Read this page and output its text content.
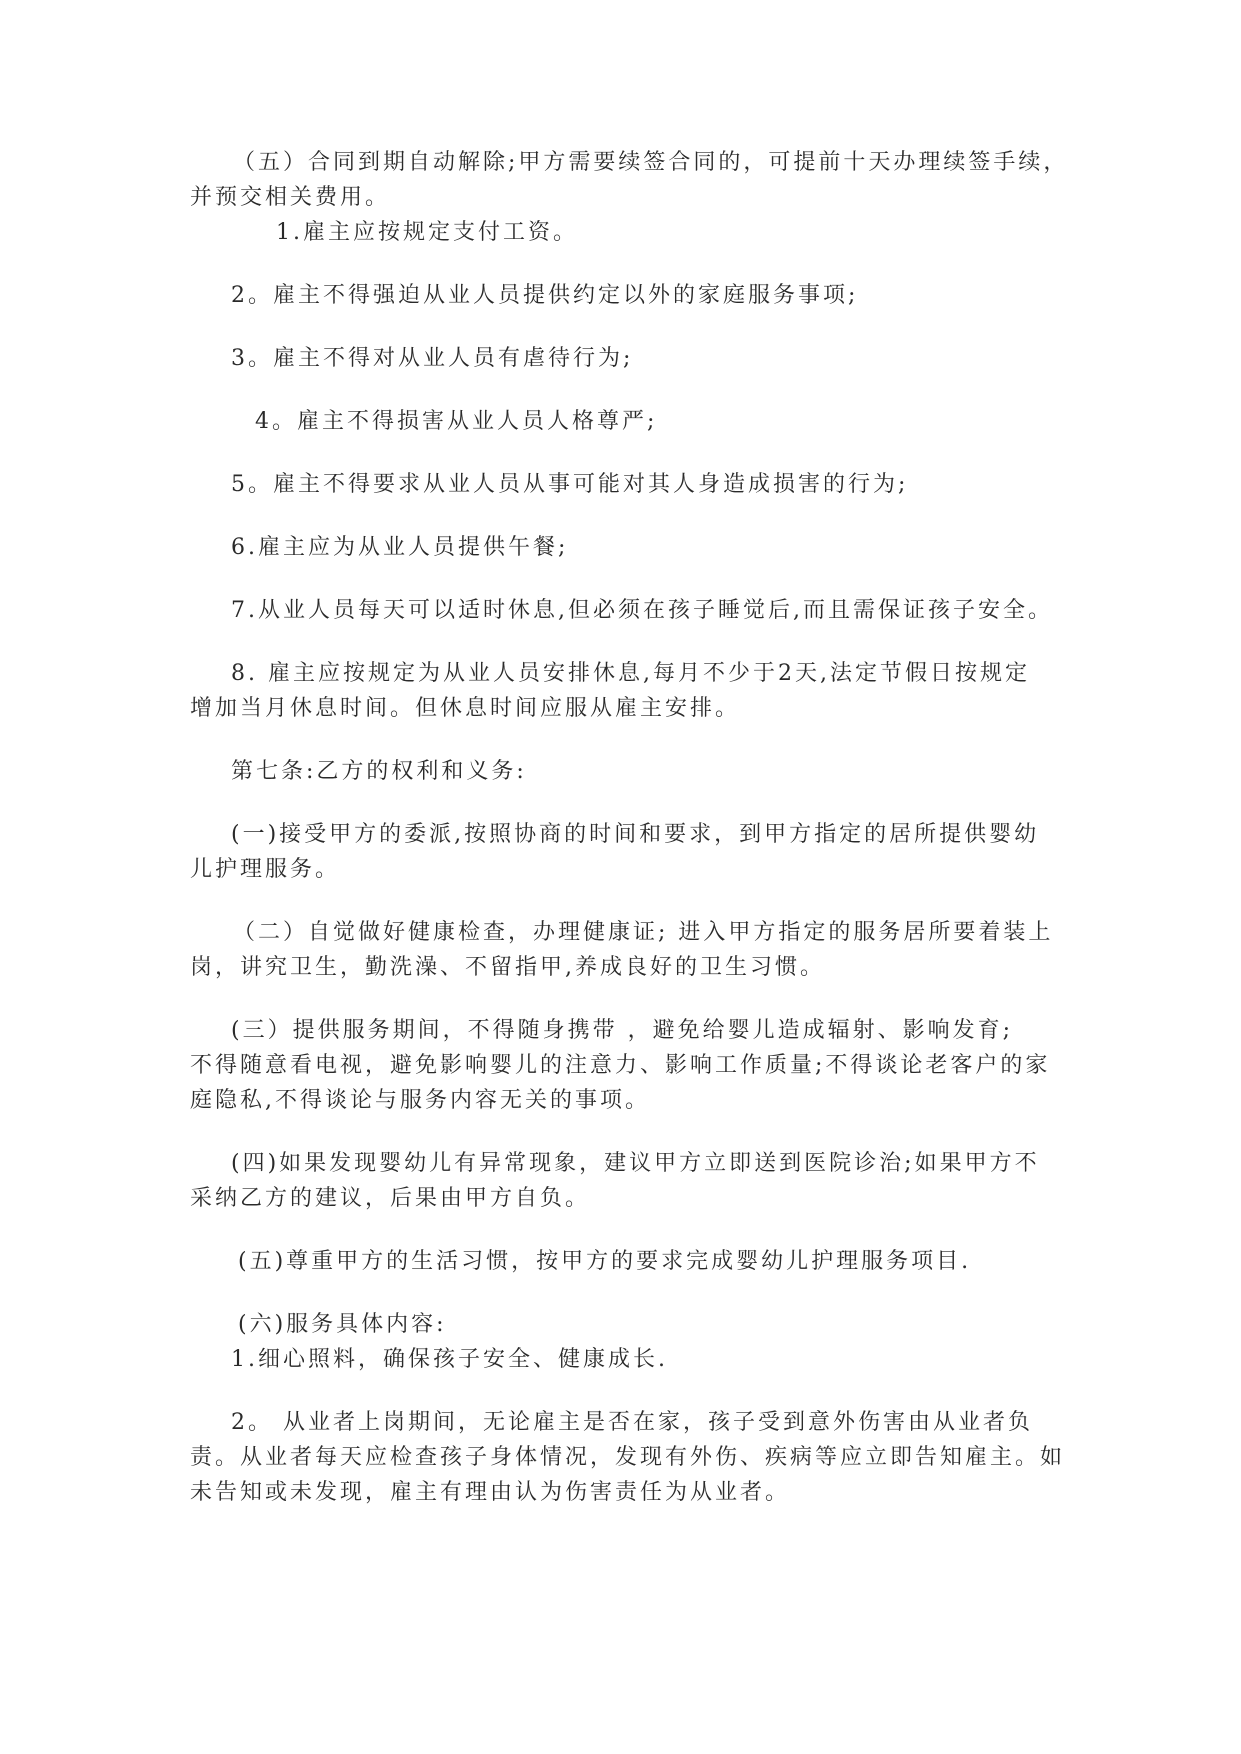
（五）合同到期自动解除;甲方需要续签合同的，可提前十天办理续签手续，
并预交相关费用。
1.雇主应按规定支付工资。
2。雇主不得强迫从业人员提供约定以外的家庭服务事项;
3。雇主不得对从业人员有虐待行为;
4。雇主不得损害从业人员人格尊严;
5。雇主不得要求从业人员从事可能对其人身造成损害的行为;
6.雇主应为从业人员提供午餐;
7.从业人员每天可以适时休息,但必须在孩子睡觉后,而且需保证孩子安全。
8. 雇主应按规定为从业人员安排休息,每月不少于2天,法定节假日按规定
增加当月休息时间。但休息时间应服从雇主安排。
第七条:乙方的权利和义务:
(一)接受甲方的委派,按照协商的时间和要求，到甲方指定的居所提供婴幼
儿护理服务。
（二）自觉做好健康检查，办理健康证; 进入甲方指定的服务居所要着装上
岗，讲究卫生，勤洗澡、不留指甲,养成良好的卫生习惯。
(三）提供服务期间，不得随身携带 ，避免给婴儿造成辐射、影响发育;
不得随意看电视，避免影响婴儿的注意力、影响工作质量;不得谈论老客户的家
庭隐私,不得谈论与服务内容无关的事项。
(四)如果发现婴幼儿有异常现象，建议甲方立即送到医院诊治;如果甲方不
采纳乙方的建议，后果由甲方自负。
(五)尊重甲方的生活习惯，按甲方的要求完成婴幼儿护理服务项目.
(六)服务具体内容:
1.细心照料，确保孩子安全、健康成长.
2。 从业者上岗期间，无论雇主是否在家，孩子受到意外伤害由从业者负
责。从业者每天应检查孩子身体情况，发现有外伤、疾病等应立即告知雇主。如
未告知或未发现，雇主有理由认为伤害责任为从业者。
